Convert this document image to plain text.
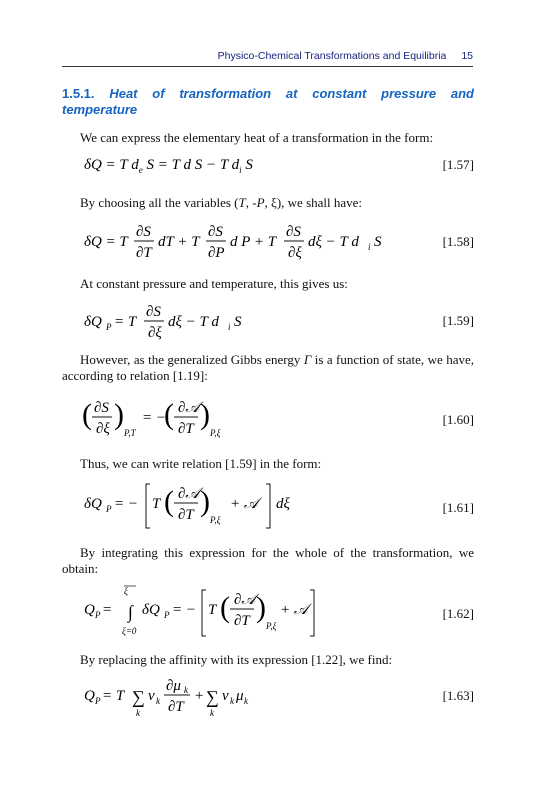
Physico-Chemical Transformations and Equilibria 15
1.5.1. Heat of transformation at constant pressure and temperature
We can express the elementary heat of a transformation in the form:
δQ = T $d_e$ S = T d S − T $d_i$ S	[1.57]
By choosing all the variables (T, -P, ξ), we shall have:
δQ = T
∂S
∂T
dT + T
∂S
∂P
d P + T
∂S
∂ξ
dξ − T d i S	[1.58]
At constant pressure and temperature, this gives us:
δQ P = T
∂S
∂ξ
dξ − T d i S	[1.59]
However, as the generalized Gibbs energy Γ is a function of state, we have, according to relation [1.19]:
( ∂S
∂ξ )
P,T
= −
( ∂𝒜
∂T )
P,ξ
[1.60]
Thus, we can write relation [1.59] in the form:
δQ P = − T ( ∂𝒜
∂T )
P,ξ
+ 𝒜	dξ	[1.61]
By integrating this expression for the whole of the transformation, we obtain:
Q P =
ξ
∫
ξ=0
δQ P = − T ( ∂𝒜
∂T )
P,ξ
+ 𝒜	[1.62]
By replacing the affinity with its expression [1.22], we find:
Q P = T ∑
k
ν k
∂μ k
∂T
+ ∑
k
ν k μ k	[1.63]
